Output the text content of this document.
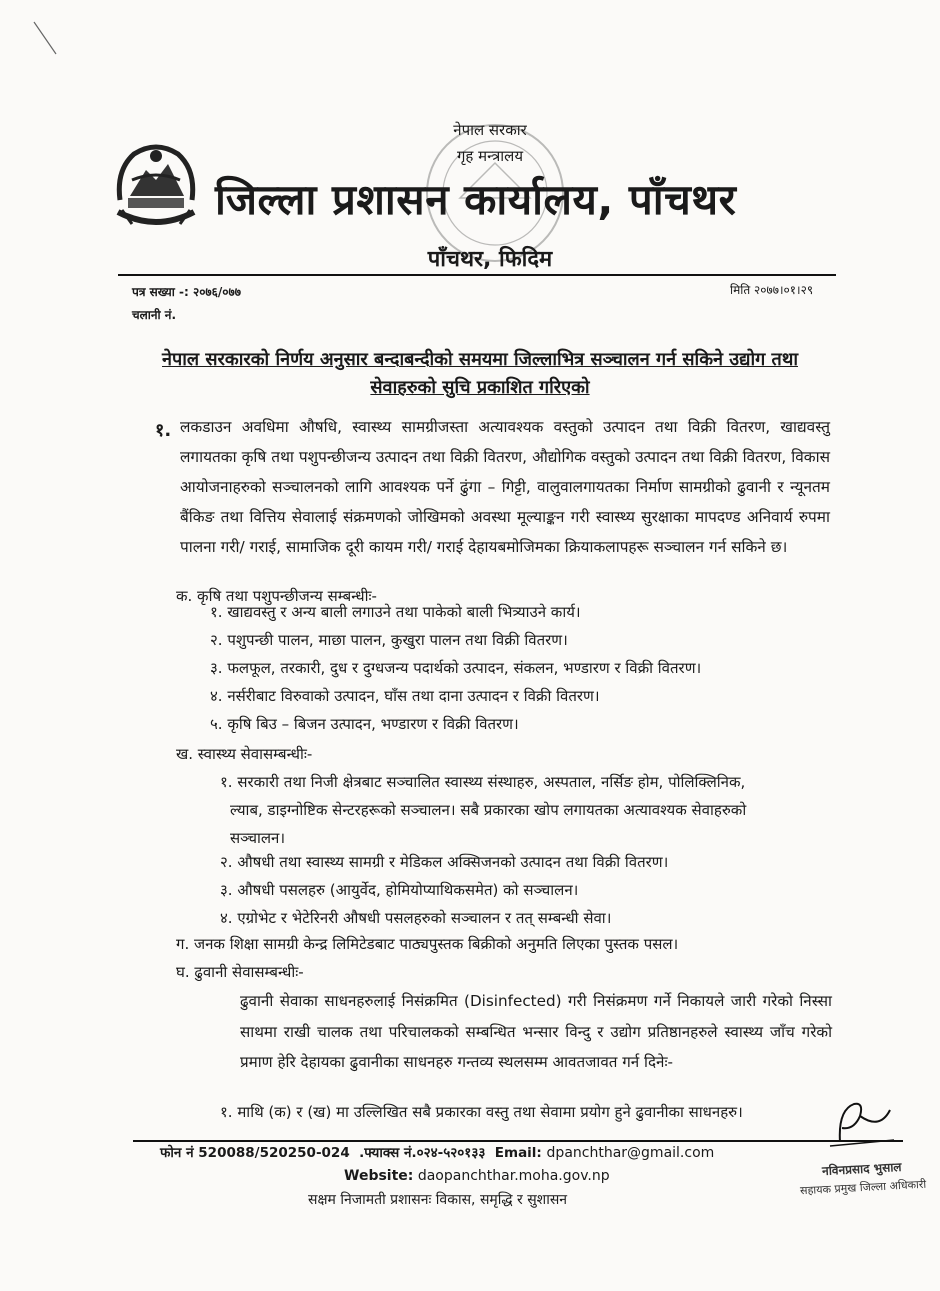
नेपाल सरकार
गृह मन्त्रालय
जिल्ला प्रशासन कार्यालय, पाँचथर
पाँचथर, फिदिम
पत्र सख्या -: २०७६/०७७
चलानी नं.
मिति २०७७।०१।२९
नेपाल सरकारको निर्णय अनुसार बन्दाबन्दीको समयमा जिल्लाभित्र सञ्चालन गर्न सकिने उद्योग तथा
सेवाहरुको सुचि प्रकाशित गरिएको
१. लकडाउन अवधिमा औषधि, स्वास्थ्य सामग्रीजस्ता अत्यावश्यक वस्तुको उत्पादन तथा विक्री वितरण, खाद्यवस्तु लगायतका कृषि तथा पशुपन्छीजन्य उत्पादन तथा विक्री वितरण, औद्योगिक वस्तुको उत्पादन तथा विक्री वितरण, विकास आयोजनाहरुको सञ्चालनको लागि आवश्यक पर्ने ढुंगा – गिट्टी, वालुवालगायतका निर्माण सामग्रीको ढुवानी र न्यूनतम बैंकिङ तथा वित्तिय सेवालाई संक्रमणको जोखिमको अवस्था मूल्याङ्कन गरी स्वास्थ्य सुरक्षाका मापदण्ड अनिवार्य रुपमा पालना गरी/ गराई, सामाजिक दूरी कायम गरी/ गराई देहायबमोजिमका क्रियाकलापहरू सञ्चालन गर्न सकिने छ।
क. कृषि तथा पशुपन्छीजन्य सम्बन्धीः-
१. खाद्यवस्तु र अन्य बाली लगाउने तथा पाकेको बाली भित्र्याउने कार्य।
२. पशुपन्छी पालन, माछा पालन, कुखुरा पालन तथा विक्री वितरण।
३. फलफूल, तरकारी, दुध र दुग्धजन्य पदार्थको उत्पादन, संकलन, भण्डारण र विक्री वितरण।
४. नर्सरीबाट विरुवाको उत्पादन, घाँस तथा दाना उत्पादन र विक्री वितरण।
५. कृषि बिउ – बिजन उत्पादन, भण्डारण र विक्री वितरण।
ख. स्वास्थ्य सेवासम्बन्धीः-
१. सरकारी तथा निजी क्षेत्रबाट सञ्चालित स्वास्थ्य संस्थाहरु, अस्पताल, नर्सिङ होम, पोलिक्लिनिक,
ल्याब, डाइग्नोष्टिक सेन्टरहरूको सञ्चालन। सबै प्रकारका खोप लगायतका अत्यावश्यक सेवाहरुको
सञ्चालन।
२. औषधी तथा स्वास्थ्य सामग्री र मेडिकल अक्सिजनको उत्पादन तथा विक्री वितरण।
३. औषधी पसलहरु (आयुर्वेद, होमियोप्याथिकसमेत) को सञ्चालन।
४. एग्रोभेट र भेटेरिनरी औषधी पसलहरुको सञ्चालन र तत् सम्बन्धी सेवा।
ग. जनक शिक्षा सामग्री केन्द्र लिमिटेडबाट पाठ्यपुस्तक बिक्रीको अनुमति लिएका पुस्तक पसल।
घ. ढुवानी सेवासम्बन्धीः-
ढुवानी सेवाका साधनहरुलाई निसंक्रमित (Disinfected) गरी निसंक्रमण गर्ने निकायले जारी गरेको निस्सा साथमा राखी चालक तथा परिचालकको सम्बन्धित भन्सार विन्दु र उद्योग प्रतिष्ठानहरुले स्वास्थ्य जाँच गरेको प्रमाण हेरि देहायका ढुवानीका साधनहरु गन्तव्य स्थलसम्म आवतजावत गर्न दिनेः-
१. माथि (क) र (ख) मा उल्लिखित सबै प्रकारका वस्तु तथा सेवामा प्रयोग हुने ढुवानीका साधनहरु।
नविनप्रसाद भुसाल
सहायक प्रमुख जिल्ला अधिकारी
फोन नं 520088/520250-024 .फ्याक्स नं.०२४-५२०१३३ Email: dpanchthar@gmail.com
Website: daopanchthar.moha.gov.np
सक्षम निजामती प्रशासनः विकास, समृद्धि र सुशासन
